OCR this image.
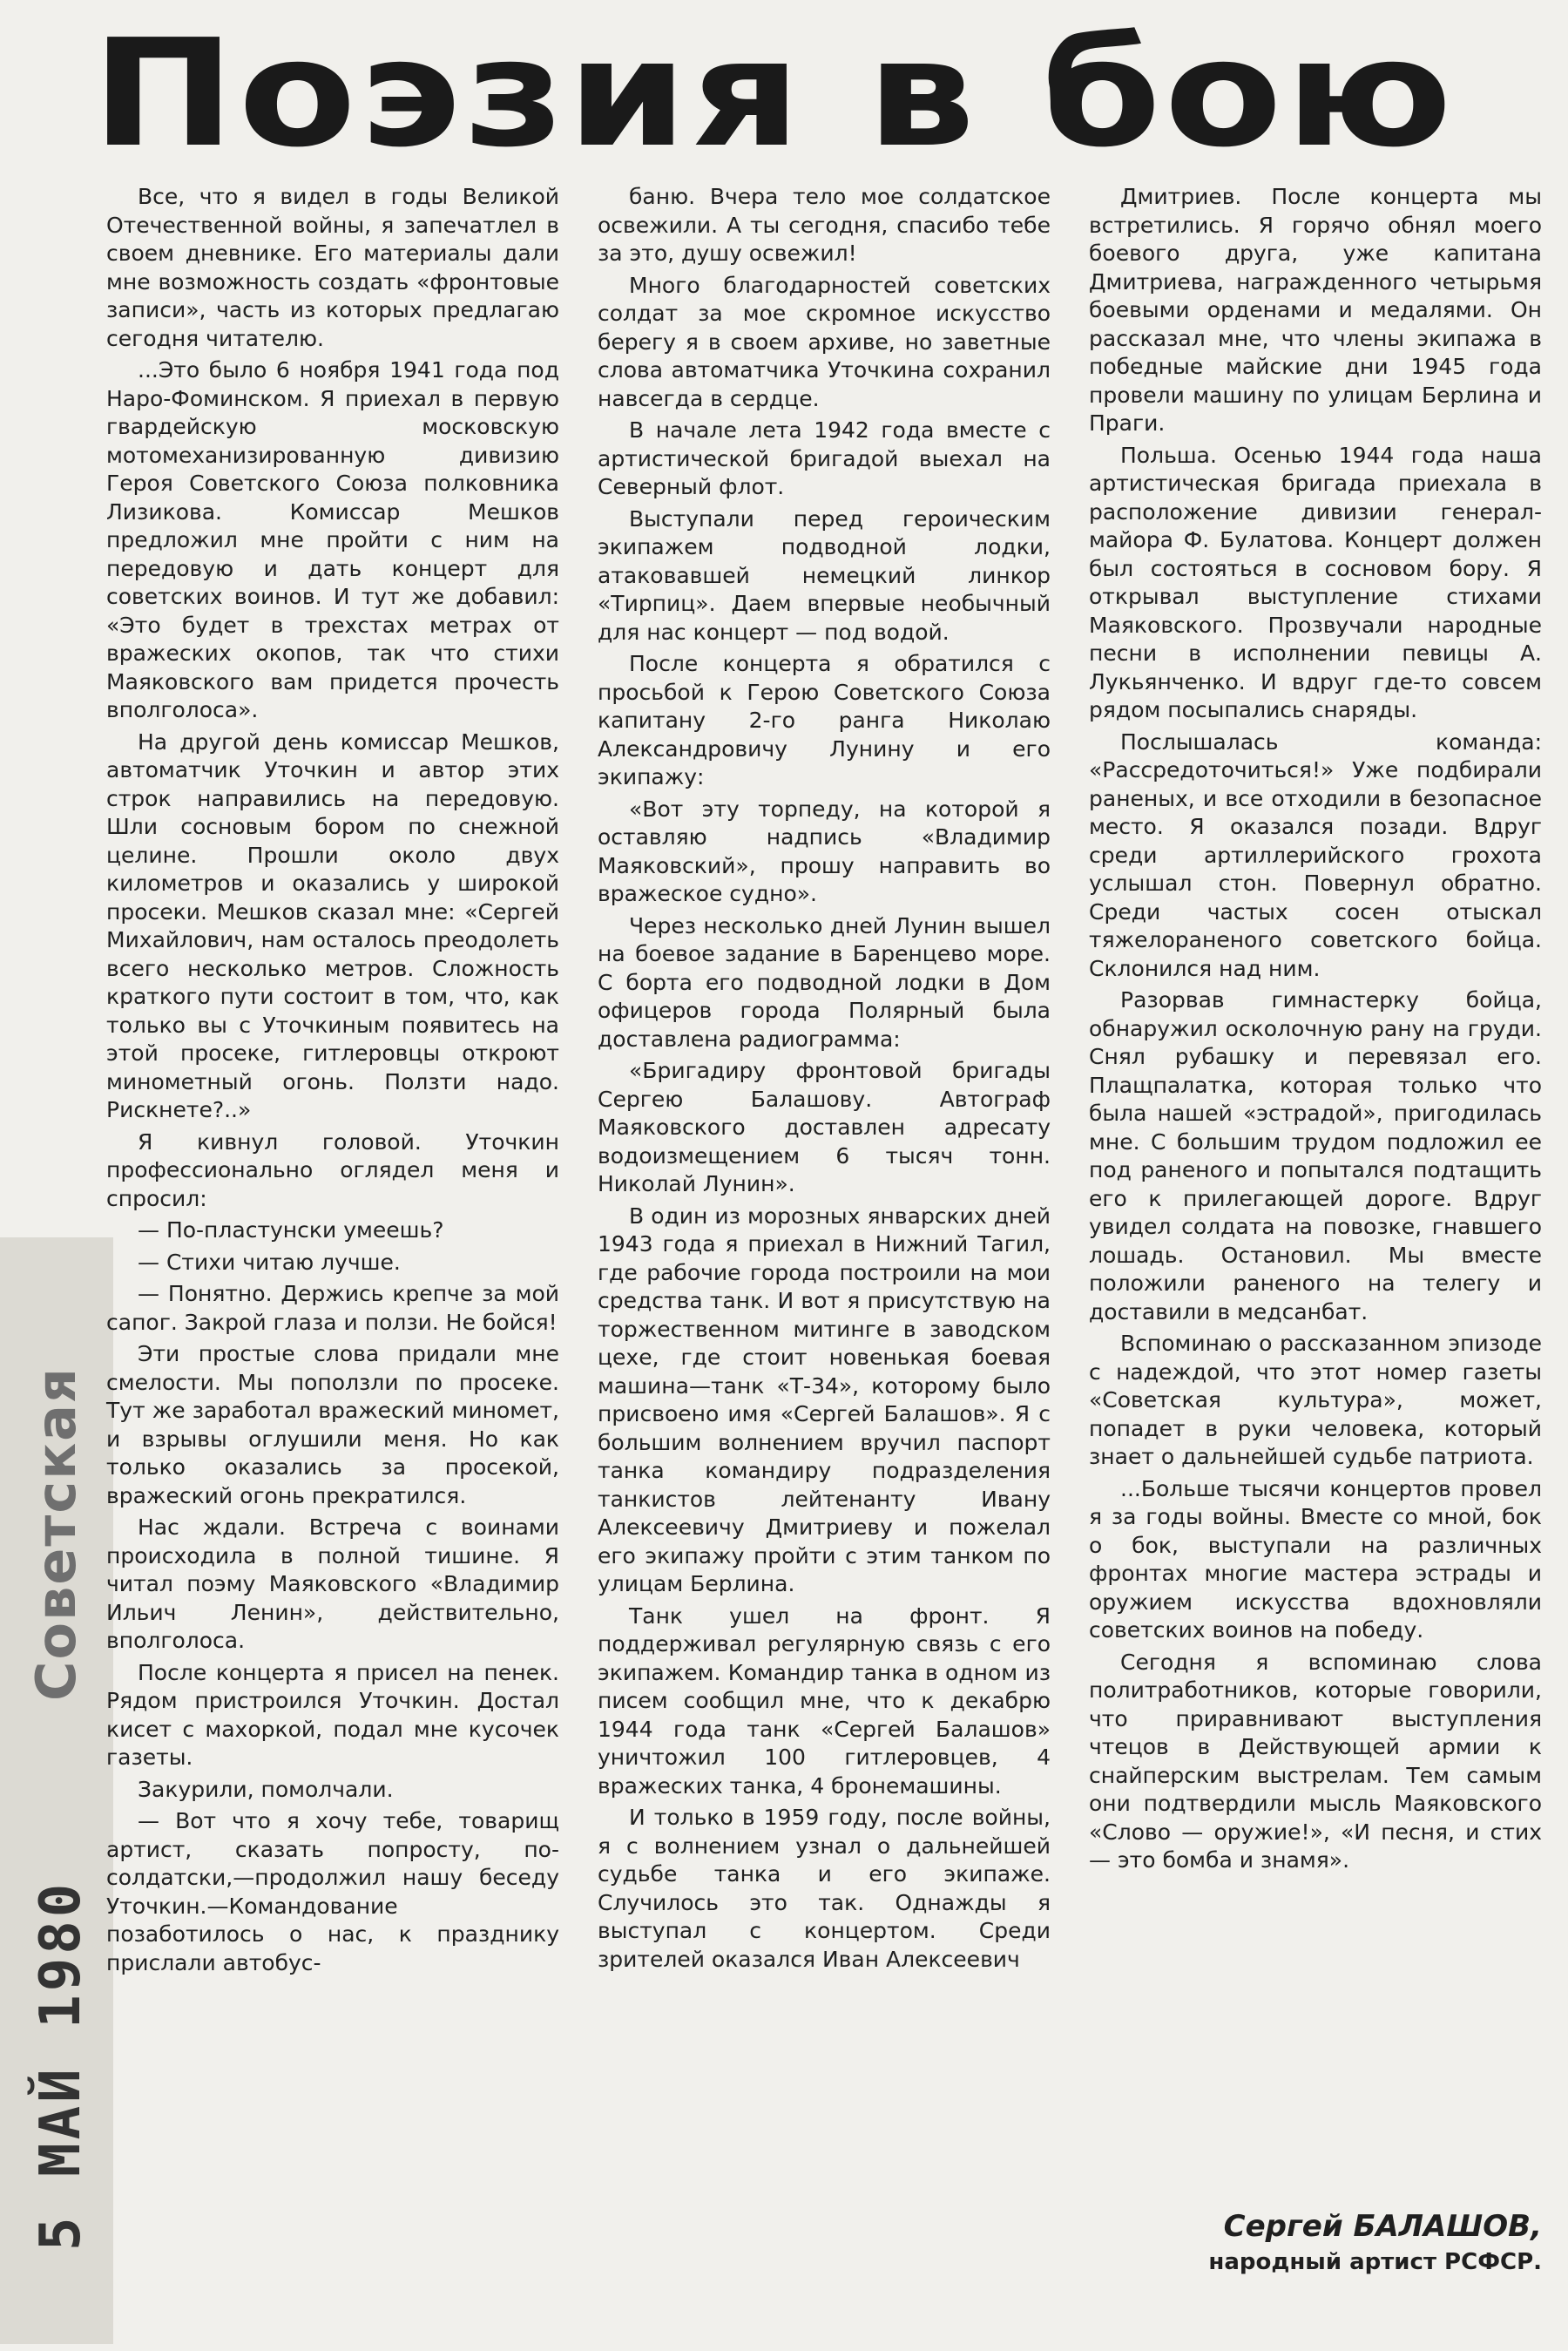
Поэзия в бою
Советская
5 МАЙ 1980

Все, что я видел в годы Великой Отечественной войны, я запечатлел в своем дневнике. Его материалы дали мне возможность создать «фронтовые записи», часть из которых предлагаю сегодня читателю.

...Это было 6 ноября 1941 года под Наро-Фоминском. Я приехал в первую гвардейскую московскую мотомеханизированную дивизию Героя Советского Союза полковника Лизикова. Комиссар Мешков предложил мне пройти с ним на передовую и дать концерт для советских воинов. И тут же добавил: «Это будет в трехстах метрах от вражеских окопов, так что стихи Маяковского вам придется прочесть вполголоса».

На другой день комиссар Мешков, автоматчик Уточкин и автор этих строк направились на передовую. Шли сосновым бором по снежной целине. Прошли около двух километров и оказались у широкой просеки. Мешков сказал мне: «Сергей Михайлович, нам осталось преодолеть всего несколько метров. Сложность краткого пути состоит в том, что, как только вы с Уточкиным появитесь на этой просеке, гитлеровцы откроют минометный огонь. Ползти надо. Рискнете?..»

Я кивнул головой. Уточкин профессионально оглядел меня и спросил:

— По-пластунски умеешь?

— Стихи читаю лучше.

— Понятно. Держись крепче за мой сапог. Закрой глаза и ползи. Не бойся!

Эти простые слова придали мне смелости. Мы поползли по просеке. Тут же заработал вражеский миномет, и взрывы оглушили меня. Но как только оказались за просекой, вражеский огонь прекратился.

Нас ждали. Встреча с воинами происходила в полной тишине. Я читал поэму Маяковского «Владимир Ильич Ленин», действительно, вполголоса.

После концерта я присел на пенек. Рядом пристроился Уточкин. Достал кисет с махоркой, подал мне кусочек газеты.

Закурили, помолчали.

— Вот что я хочу тебе, товарищ артист, сказать попросту, по-солдатски,—продолжил нашу беседу Уточкин.—Командование позаботилось о нас, к празднику прислали автобус-

баню. Вчера тело мое солдатское освежили. А ты сегодня, спасибо тебе за это, душу освежил!

Много благодарностей советских солдат за мое скромное искусство берегу я в своем архиве, но заветные слова автоматчика Уточкина сохранил навсегда в сердце.

В начале лета 1942 года вместе с артистической бригадой выехал на Северный флот.

Выступали перед героическим экипажем подводной лодки, атаковавшей немецкий линкор «Тирпиц». Даем впервые необычный для нас концерт — под водой.

После концерта я обратился с просьбой к Герою Советского Союза капитану 2-го ранга Николаю Александровичу Лунину и его экипажу:

«Вот эту торпеду, на которой я оставляю надпись «Владимир Маяковский», прошу направить во вражеское судно».

Через несколько дней Лунин вышел на боевое задание в Баренцево море. С борта его подводной лодки в Дом офицеров города Полярный была доставлена радиограмма:

«Бригадиру фронтовой бригады Сергею Балашову. Автограф Маяковского доставлен адресату водоизмещением 6 тысяч тонн. Николай Лунин».

В один из морозных январских дней 1943 года я приехал в Нижний Тагил, где рабочие города построили на мои средства танк. И вот я присутствую на торжественном митинге в заводском цехе, где стоит новенькая боевая машина—танк «Т-34», которому было присвоено имя «Сергей Балашов». Я с большим волнением вручил паспорт танка командиру подразделения танкистов лейтенанту Ивану Алексеевичу Дмитриеву и пожелал его экипажу пройти с этим танком по улицам Берлина.

Танк ушел на фронт. Я поддерживал регулярную связь с его экипажем. Командир танка в одном из писем сообщил мне, что к декабрю 1944 года танк «Сергей Балашов» уничтожил 100 гитлеровцев, 4 вражеских танка, 4 бронемашины.

И только в 1959 году, после войны, я с волнением узнал о дальнейшей судьбе танка и его экипаже. Случилось это так. Однажды я выступал с концертом. Среди зрителей оказался Иван Алексеевич

Дмитриев. После концерта мы встретились. Я горячо обнял моего боевого друга, уже капитана Дмитриева, награжденного четырьмя боевыми орденами и медалями. Он рассказал мне, что члены экипажа в победные майские дни 1945 года провели машину по улицам Берлина и Праги.

Польша. Осенью 1944 года наша артистическая бригада приехала в расположение дивизии генерал-майора Ф. Булатова. Концерт должен был состояться в сосновом бору. Я открывал выступление стихами Маяковского. Прозвучали народные песни в исполнении певицы А. Лукьянченко. И вдруг где-то совсем рядом посыпались снаряды.

Послышалась команда: «Рассредоточиться!» Уже подбирали раненых, и все отходили в безопасное место. Я оказался позади. Вдруг среди артиллерийского грохота услышал стон. Повернул обратно. Среди частых сосен отыскал тяжелораненого советского бойца. Склонился над ним.

Разорвав гимнастерку бойца, обнаружил осколочную рану на груди. Снял рубашку и перевязал его. Плащпалатка, которая только что была нашей «эстрадой», пригодилась мне. С большим трудом подложил ее под раненого и попытался подтащить его к прилегающей дороге. Вдруг увидел солдата на повозке, гнавшего лошадь. Остановил. Мы вместе положили раненого на телегу и доставили в медсанбат.

Вспоминаю о рассказанном эпизоде с надеждой, что этот номер газеты «Советская культура», может, попадет в руки человека, который знает о дальнейшей судьбе патриота.

...Больше тысячи концертов провел я за годы войны. Вместе со мной, бок о бок, выступали на различных фронтах многие мастера эстрады и оружием искусства вдохновляли советских воинов на победу.

Сегодня я вспоминаю слова политработников, которые говорили, что приравнивают выступления чтецов в Действующей армии к снайперским выстрелам. Тем самым они подтвердили мысль Маяковского «Слово — оружие!», «И песня, и стих — это бомба и знамя».

Сергей БАЛАШОВ,
народный артист РСФСР.
